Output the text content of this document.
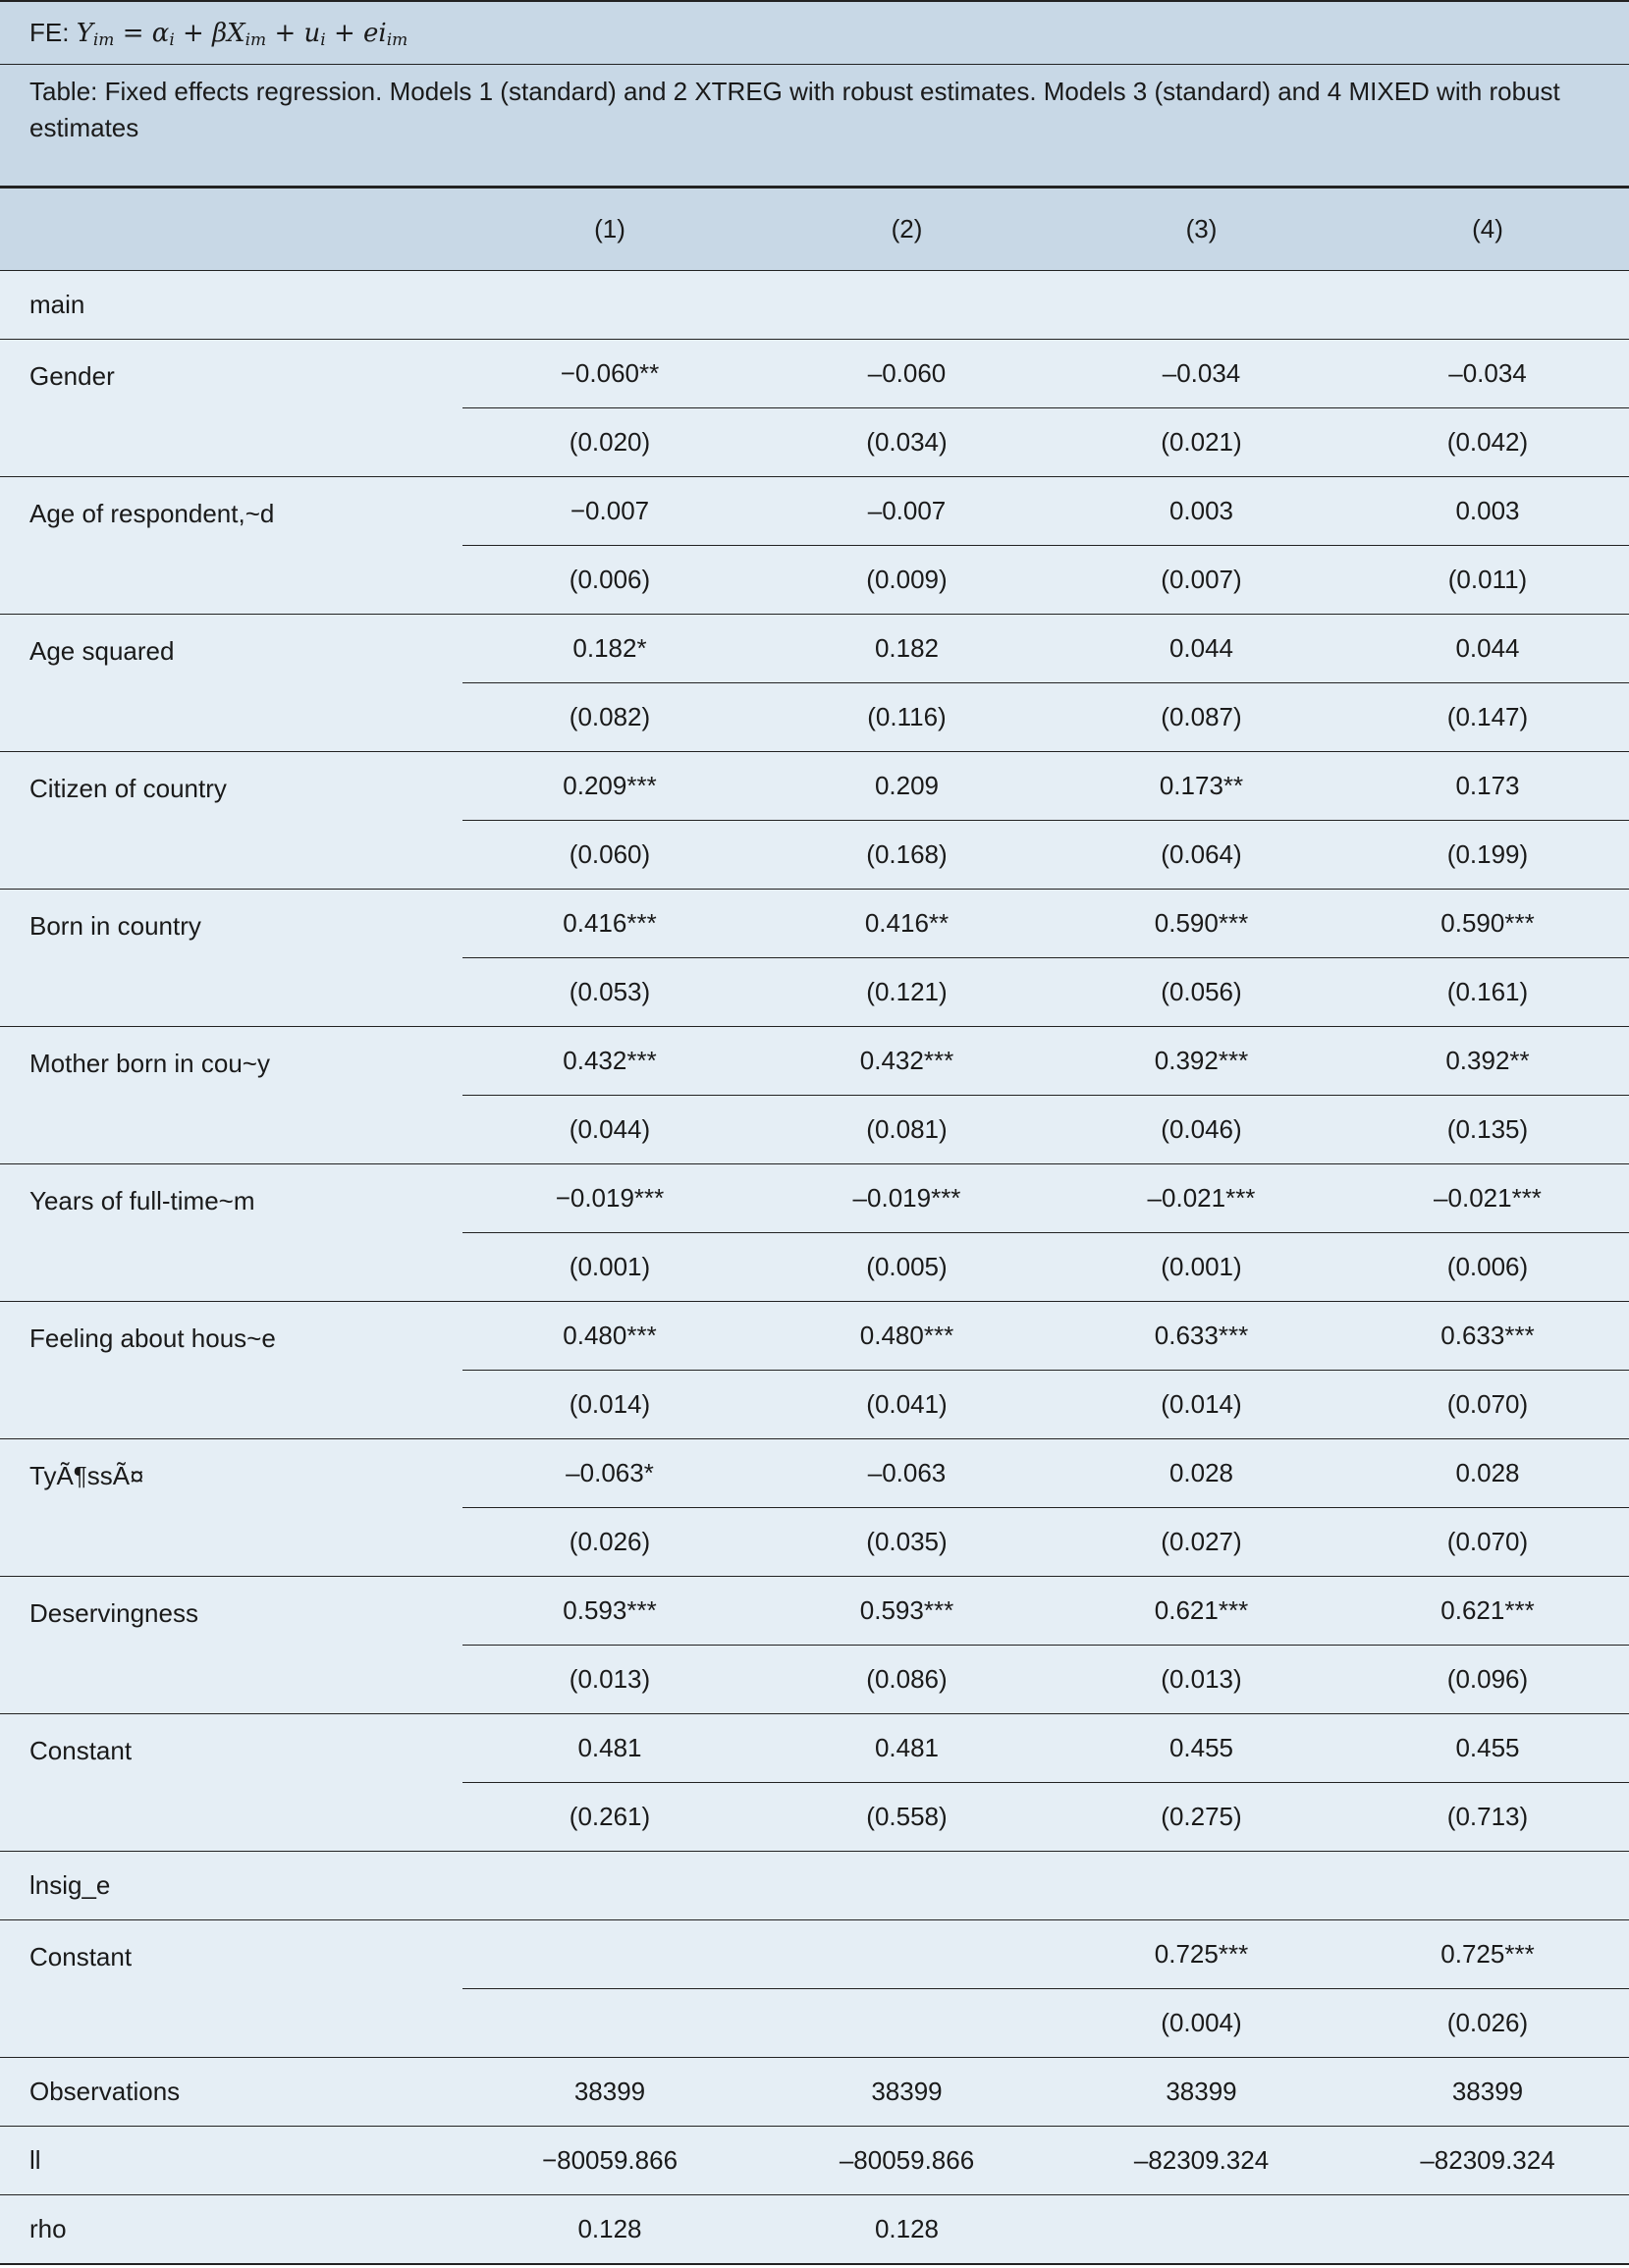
FE: $Y_{im} = \alpha_i + \beta X_{im} + u_i + ei_{im}$
Table: Fixed effects regression. Models 1 (standard) and 2 XTREG with robust estimates. Models 3 (standard) and 4 MIXED with robust estimates
	(1)	(2)	(3)	(4)
main				
Gender	−0.060**	–0.060	–0.034	–0.034
	(0.020)	(0.034)	(0.021)	(0.042)
Age of respondent,~d	−0.007	–0.007	0.003	0.003
	(0.006)	(0.009)	(0.007)	(0.011)
Age squared	0.182*	0.182	0.044	0.044
	(0.082)	(0.116)	(0.087)	(0.147)
Citizen of country	0.209***	0.209	0.173**	0.173
	(0.060)	(0.168)	(0.064)	(0.199)
Born in country	0.416***	0.416**	0.590***	0.590***
	(0.053)	(0.121)	(0.056)	(0.161)
Mother born in cou~y	0.432***	0.432***	0.392***	0.392**
	(0.044)	(0.081)	(0.046)	(0.135)
Years of full-time~m	−0.019***	–0.019***	–0.021***	–0.021***
	(0.001)	(0.005)	(0.001)	(0.006)
Feeling about hous~e	0.480***	0.480***	0.633***	0.633***
	(0.014)	(0.041)	(0.014)	(0.070)
TyÃ¶ssÃ¤	–0.063*	–0.063	0.028	0.028
	(0.026)	(0.035)	(0.027)	(0.070)
Deservingness	0.593***	0.593***	0.621***	0.621***
	(0.013)	(0.086)	(0.013)	(0.096)
Constant	0.481	0.481	0.455	0.455
	(0.261)	(0.558)	(0.275)	(0.713)
lnsig_e				
Constant			0.725***	0.725***
			(0.004)	(0.026)
Observations	38399	38399	38399	38399
ll	−80059.866	–80059.866	–82309.324	–82309.324
rho	0.128	0.128		
